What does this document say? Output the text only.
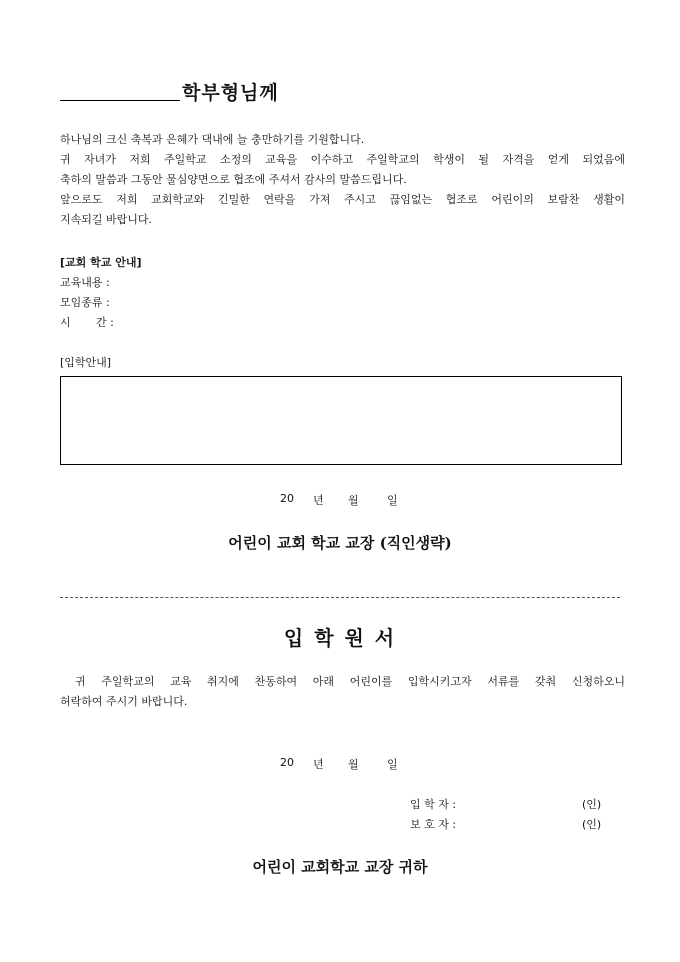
학부형님께

하나님의 크신 축복과 은혜가 댁내에 늘 충만하기를 기원합니다.

귀 자녀가 저희 주일학교 소정의 교육을 이수하고 주일학교의 학생이 될 자격을 얻게 되었음에

축하의 말씀과 그동안 물심양면으로 협조에 주셔서 감사의 말씀드립니다.

앞으로도 저희 교회학교와 긴밀한 연락을 가져 주시고 끊임없는 협조로 어린이의 보람찬 생활이

지속되길 바랍니다.

[교회 학교 안내]
교육내용 :
모임종류 :
시 간 :
[입학안내]
20 년 월	일
어린이 교회 학교 교장 (직인생략)
입 학 원 서

귀 주일학교의 교육 취지에 찬동하여 아래 어린이를 입학시키고자 서류를 갖춰 신청하오니

허락하여 주시기 바랍니다.

20 년 월	일
입 학 자 :	(인)
보 호 자 :	(인)
어린이 교회학교 교장 귀하
